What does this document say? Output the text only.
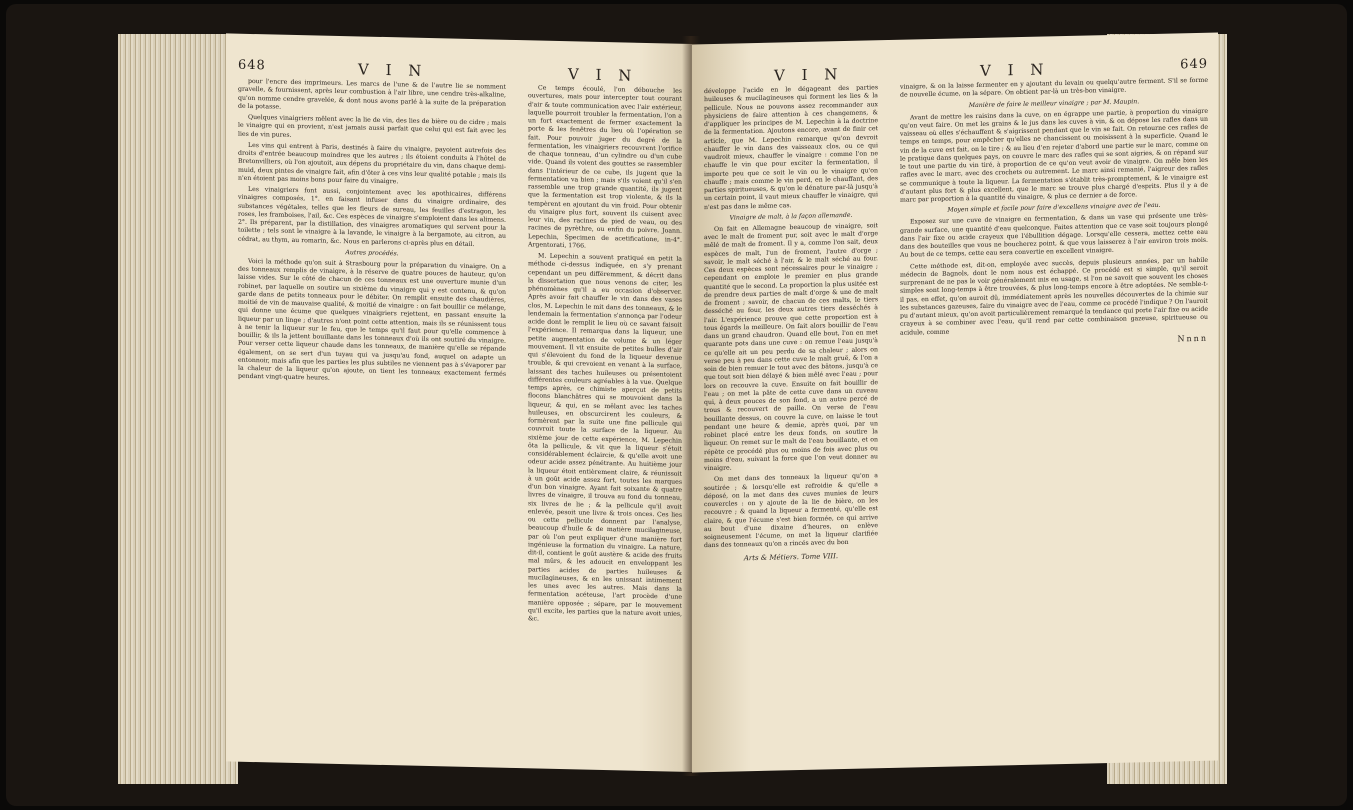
648	V I N

pour l'encre des imprimeurs. Les marcs de l'une & de l'autre lie se nomment gravelle, & fournissent, après leur combustion à l'air libre, une cendre très-alkaline, qu'on nomme cendre gravelée, & dont nous avons parlé à la suite de la préparation de la potasse.

Quelques vinaigriers mêlent avec la lie de vin, des lies de bière ou de cidre ; mais le vinaigre qui en provient, n'est jamais aussi parfait que celui qui est fait avec les lies de vin pures.

Les vins qui entrent à Paris, destinés à faire du vinaigre, payoient autrefois des droits d'entrée beaucoup moindres que les autres ; ils étoient conduits à l'hôtel de Bretonvilliers, où l'on ajoutoit, aux dépens du propriétaire du vin, dans chaque demi-muid, deux pintes de vinaigre fait, afin d'ôter à ces vins leur qualité potable ; mais ils n'en étoient pas moins bons pour faire du vinaigre.

Les vinaigriers font aussi, conjointement avec les apothicaires, différens vinaigres composés, 1°. en faisant infuser dans du vinaigre ordinaire, des substances végétales, telles que les fleurs de sureau, les feuilles d'estragon, les roses, les framboises, l'ail, &c. Ces espèces de vinaigre s'emploient dans les alimens. 2°. Ils préparent, par la distillation, des vinaigres aromatiques qui servent pour la toilette ; tels sont le vinaigre à la lavande, le vinaigre à la bergamote, au citron, au cédrat, au thym, au romarin, &c. Nous en parlerons ci-après plus en détail.

Autres procédés.

Voici la méthode qu'on suit à Strasbourg pour la préparation du vinaigre. On a des tonneaux remplis de vinaigre, à la réserve de quatre pouces de hauteur, qu'on laisse vides. Sur le côté de chacun de ces tonneaux est une ouverture munie d'un robinet, par laquelle on soutire un sixième du vinaigre qui y est contenu, & qu'on garde dans de petits tonneaux pour le débiter. On remplit ensuite des chaudières, moitié de vin de mauvaise qualité, & moitié de vinaigre : on fait bouillir ce mélange, qui donne une écume que quelques vinaigriers rejettent, en passant ensuite la liqueur par un linge ; d'autres n'ont point cette attention, mais ils se réunissent tous à ne tenir la liqueur sur le feu, que le temps qu'il faut pour qu'elle commence à bouillir, & ils la jettent bouillante dans les tonneaux d'où ils ont soutiré du vinaigre. Pour verser cette liqueur chaude dans les tonneaux, de manière qu'elle se répande également, on se sert d'un tuyau qui va jusqu'au fond, auquel on adapte un entonnoir, mais afin que les parties les plus subtiles ne viennent pas à s'évaporer par la chaleur de la liqueur qu'on ajoute, on tient les tonneaux exactement fermés pendant vingt-quatre heures.

V I N

Ce temps écoulé, l'on débouche les ouvertures, mais pour intercepter tout courant d'air & toute communication avec l'air extérieur, laquelle pourroit troubler la fermentation, l'on a un fort exactement de fermer exactement la porte & les fenêtres du lieu où l'opération se fait. Pour pouvoir juger du degré de la fermentation, les vinaigriers recouvrent l'orifice de chaque tonneau, d'un cylindre ou d'un cube vide. Quand ils voient des gouttes se rassembler dans l'intérieur de ce cube, ils jugent que la fermentation va bien ; mais s'ils voient qu'il s'en rassemble une trop grande quantité, ils jugent que la fermentation est trop violente, & ils la tempèrent en ajoutant du vin froid. Pour obtenir du vinaigre plus fort, souvent ils cuisent avec leur vin, des racines de pied de veau, ou des racines de pyrèthre, ou enfin du poivre. Joann. Lepechin, Specimen de acetificatione, in-4°. Argentorati, 1766.

M. Lepechin a souvent pratiqué en petit la méthode ci-dessus indiquée, en s'y prenant cependant un peu différemment, & décrit dans la dissertation que nous venons de citer, les phénomènes qu'il a eu occasion d'observer. Après avoir fait chauffer le vin dans des vases clos, M. Lepechin le mit dans des tonneaux, & le lendemain la fermentation s'annonça par l'odeur acide dont le remplit le lieu où ce savant faisoit l'expérience. Il remarqua dans la liqueur, une petite augmentation de volume & un léger mouvement. Il vit ensuite de petites bulles d'air qui s'élevoient du fond de la liqueur devenue trouble, & qui crevoient en venant à la surface, laissant des taches huileuses ou présentoient différentes couleurs agréables à la vue. Quelque temps après, ce chimiste aperçut de petits flocons blanchâtres qui se mouvoient dans la liqueur, & qui, en se mêlant avec les taches huileuses, en obscurcirent les couleurs, & formèrent par la suite une fine pellicule qui couvroit toute la surface de la liqueur. Au sixième jour de cette expérience, M. Lepechin ôta la pellicule, & vit que la liqueur s'étoit considérablement éclaircie, & qu'elle avoit une odeur acide assez pénétrante. Au huitième jour la liqueur étoit entièrement claire, & réunissoit à un goût acide assez fort, toutes les marques d'un bon vinaigre. Ayant fait soixante & quatre livres de vinaigre, il trouva au fond du tonneau, six livres de lie ; & la pellicule qu'il avoit enlevée, pesoit une livre & trois onces. Ces lies ou cette pellicule donnent par l'analyse, beaucoup d'huile & de matière mucilagineuse, par où l'on peut expliquer d'une manière fort ingénieuse la formation du vinaigre. La nature, dit-il, contient le goût austère & acide des fruits mal mûrs, & les adoucit en enveloppant les parties acides de parties huileuses & mucilagineuses, & en les unissant intimement les unes avec les autres. Mais dans la fermentation acéteuse, l'art procède d'une manière opposée ; sépare, par le mouvement qu'il excite, les parties que la nature avoit unies, &c.

V I N

développe l'acide en le dégageant des parties huileuses & mucilagineuses qui forment les lies & la pellicule. Nous ne pouvons assez recommander aux physiciens de faire attention à ces changemens, & d'appliquer les principes de M. Lepechin à la doctrine de la fermentation. Ajoutons encore, avant de finir cet article, que M. Lepechin remarque qu'on devroit chauffer le vin dans des vaisseaux clos, ou ce qui vaudroit mieux, chauffer le vinaigre : comme l'on ne chauffe le vin que pour exciter la fermentation, il importe peu que ce soit le vin ou le vinaigre qu'on chauffe ; mais comme le vin perd, en le chauffant, des parties spiritueuses, & qu'on le dénature par-là jusqu'à un certain point, il vaut mieux chauffer le vinaigre, qui n'est pas dans le même cas.

Vinaigre de malt, à la façon allemande.

On fait en Allemagne beaucoup de vinaigre, soit avec le malt de froment pur, soit avec le malt d'orge mêlé de malt de froment. Il y a, comme l'on sait, deux espèces de malt, l'un de froment, l'autre d'orge ; savoir, le malt séché à l'air, & le malt séché au four. Ces deux espèces sont nécessaires pour le vinaigre ; cependant on emploie le premier en plus grande quantité que le second. La proportion la plus usitée est de prendre deux parties de malt d'orge & une de malt de froment ; savoir, de chacun de ces malts, le tiers desséché au four, les deux autres tiers desséchés à l'air. L'expérience prouve que cette proportion est à tous égards la meilleure. On fait alors bouillir de l'eau dans un grand chaudron. Quand elle bout, l'on en met quarante pots dans une cuve : on remue l'eau jusqu'à ce qu'elle ait un peu perdu de sa chaleur ; alors on verse peu à peu dans cette cuve le malt gruë, & l'on a soin de bien remuer le tout avec des bâtons, jusqu'à ce que tout soit bien délayé & bien mêlé avec l'eau ; pour lors on recouvre la cuve. Ensuite on fait bouillir de l'eau ; on met la pâte de cette cuve dans un cuveau qui, à deux pouces de son fond, a un autre percé de trous & recouvert de paille. On verse de l'eau bouillante dessus, on couvre la cuve, on laisse le tout pendant une heure & demie, après quoi, par un robinet placé entre les deux fonds, on soutire la liqueur. On remet sur le malt de l'eau bouillante, et on répète ce procédé plus ou moins de fois avec plus ou moins d'eau, suivant la force que l'on veut donner au vinaigre.

On met dans des tonneaux la liqueur qu'on a soutirée ; & lorsqu'elle est refroidie & qu'elle a déposé, on la met dans des cuves munies de leurs couvercles : on y ajoute de la lie de bière, on les recouvre ; & quand la liqueur a fermenté, qu'elle est claire, & que l'écume s'est bien formée, ce qui arrive au bout d'une dixaine d'heures, on enlève soigneusement l'écume, on met la liqueur clarifiée dans des tonneaux qu'on a rincés avec du bon

Arts & Métiers. Tome VIII.
V I N	649

vinaigre, & on la laisse fermenter en y ajoutant du levain ou quelqu'autre ferment. S'il se forme de nouvelle écume, on la sépare. On obtient par-là un très-bon vinaigre.

Manière de faire le meilleur vinaigre ; par M. Maupin.

Avant de mettre les raisins dans la cuve, on en égrappe une partie, à proportion du vinaigre qu'on veut faire. On met les grains & le jus dans les cuves à vin, & on dépose les rafles dans un vaisseau où elles s'échauffent & s'aigrissent pendant que le vin se fait. On retourne ces rafles de temps en temps, pour empêcher qu'elles ne chancissent ou moisissent à la superficie. Quand le vin de la cuve est fait, on le tire ; & au lieu d'en rejeter d'abord une partie sur le marc, comme on le pratique dans quelques pays, on couvre le marc des rafles qui se sont aigries, & on répand sur le tout une partie du vin tiré, à proportion de ce qu'on veut avoir de vinaigre. On mêle bien les rafles avec le marc, avec des crochets ou autrement. Le marc ainsi remanié, l'aigreur des rafles se communique à toute la liqueur. La fermentation s'établit très-promptement, & le vinaigre est d'autant plus fort & plus excellent, que le marc se trouve plus chargé d'esprits. Plus il y a de marc par proportion à la quantité du vinaigre, & plus ce dernier a de force.

Moyen simple et facile pour faire d'excellens vinaigre avec de l'eau.

Exposez sur une cuve de vinaigre en fermentation, & dans un vase qui présente une très-grande surface, une quantité d'eau quelconque. Faites attention que ce vase soit toujours plongé dans l'air fixe ou acide crayeux que l'ébullition dégage. Lorsqu'elle cessera, mettez cette eau dans des bouteilles que vous ne boucherez point, & que vous laisserez à l'air environ trois mois. Au bout de ce temps, cette eau sera convertie en excellent vinaigre.

Cette méthode est, dit-on, employée avec succès, depuis plusieurs années, par un habile médecin de Bagnols, dont le nom nous est échappé. Ce procédé est si simple, qu'il seroit surprenant de ne pas le voir généralement mis en usage, si l'on ne savoit que souvent les choses simples sont long-temps à être trouvées, & plus long-temps encore à être adoptées. Ne semble-t-il pas, en effet, qu'on auroit dû, immédiatement après les nouvelles découvertes de la chimie sur les substances gazeuses, faire du vinaigre avec de l'eau, comme ce procédé l'indique ? On l'auroit pu d'autant mieux, qu'on avoit particulièrement remarqué la tendance qui porte l'air fixe ou acide crayeux à se combiner avec l'eau, qu'il rend par cette combinaison gazeuse, spiritueuse ou acidule, comme

Nnnn
